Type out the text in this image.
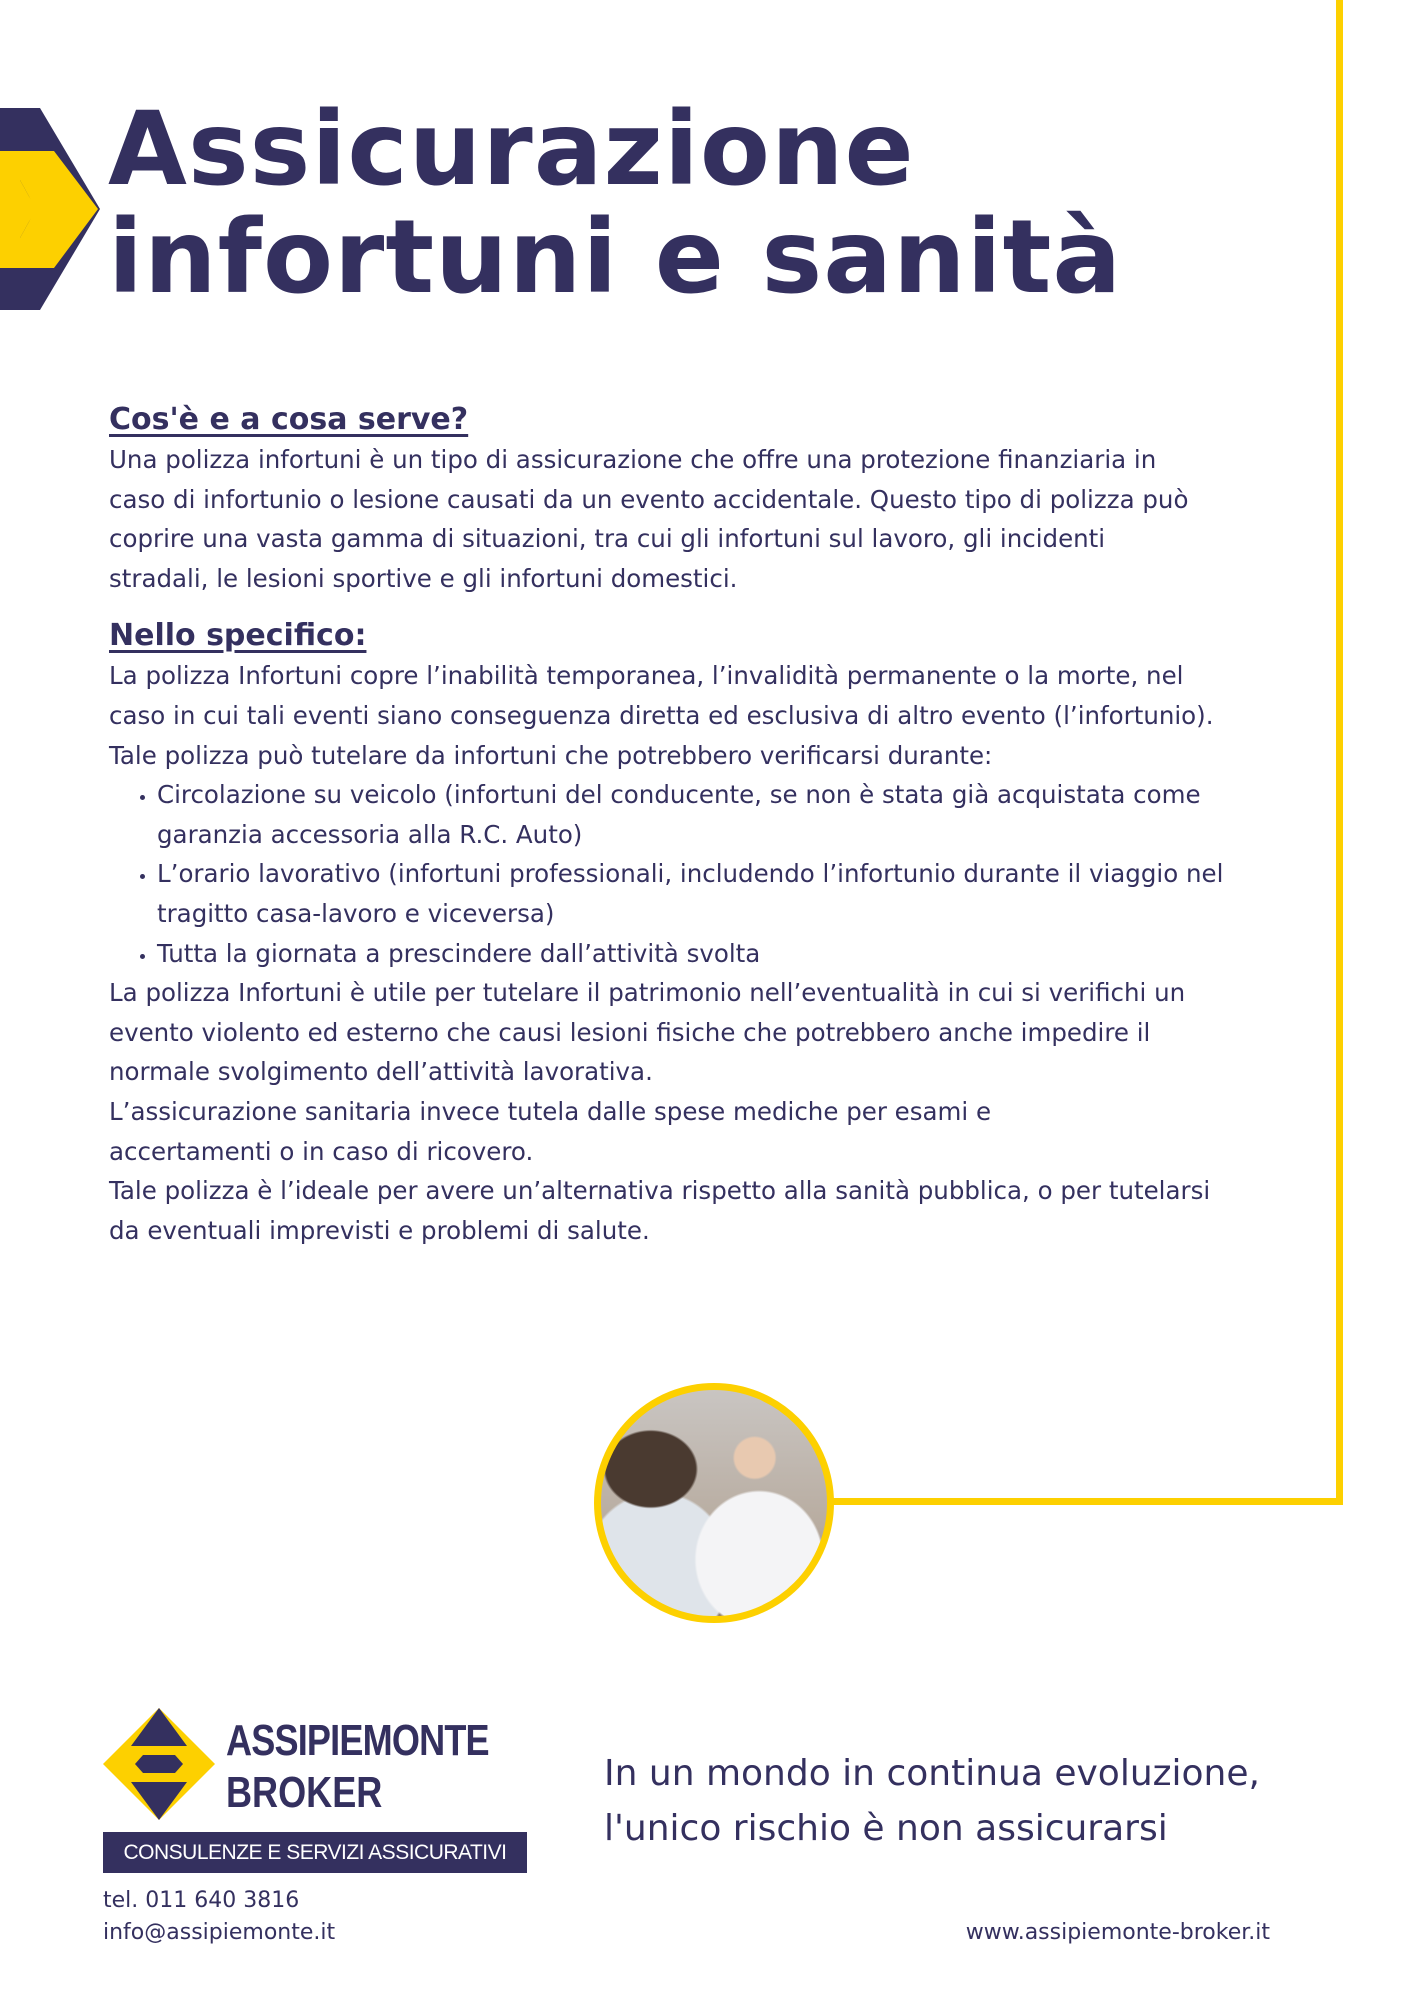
Assicurazione
infortuni e sanità
Cos'è e a cosa serve?

Una polizza infortuni è un tipo di assicurazione che offre una protezione finanziaria in caso di infortunio o lesione causati da un evento accidentale. Questo tipo di polizza può coprire una vasta gamma di situazioni, tra cui gli infortuni sul lavoro, gli incidenti stradali, le lesioni sportive e gli infortuni domestici.

Nello specifico:

La polizza Infortuni copre l’inabilità temporanea, l’invalidità permanente o la morte, nel caso in cui tali eventi siano conseguenza diretta ed esclusiva di altro evento (l’infortunio).

Tale polizza può tutelare da infortuni che potrebbero verificarsi durante:

• Circolazione su veicolo (infortuni del conducente, se non è stata già acquistata come garanzia accessoria alla R.C. Auto)
• L’orario lavorativo (infortuni professionali, includendo l’infortunio durante il viaggio nel tragitto casa-lavoro e viceversa)
• Tutta la giornata a prescindere dall’attività svolta

La polizza Infortuni è utile per tutelare il patrimonio nell’eventualità in cui si verifichi un evento violento ed esterno che causi lesioni fisiche che potrebbero anche impedire il normale svolgimento dell’attività lavorativa.

L’assicurazione sanitaria invece tutela dalle spese mediche per esami e accertamenti o in caso di ricovero.

Tale polizza è l’ideale per avere un’alternativa rispetto alla sanità pubblica, o per tutelarsi da eventuali imprevisti e problemi di salute.

ASSIPIEMONTE
BROKER
CONSULENZE E SERVIZI ASSICURATIVI
In un mondo in continua evoluzione,
l'unico rischio è non assicurarsi
tel. 011 640 3816
info@assipiemonte.it	www.assipiemonte-broker.it
